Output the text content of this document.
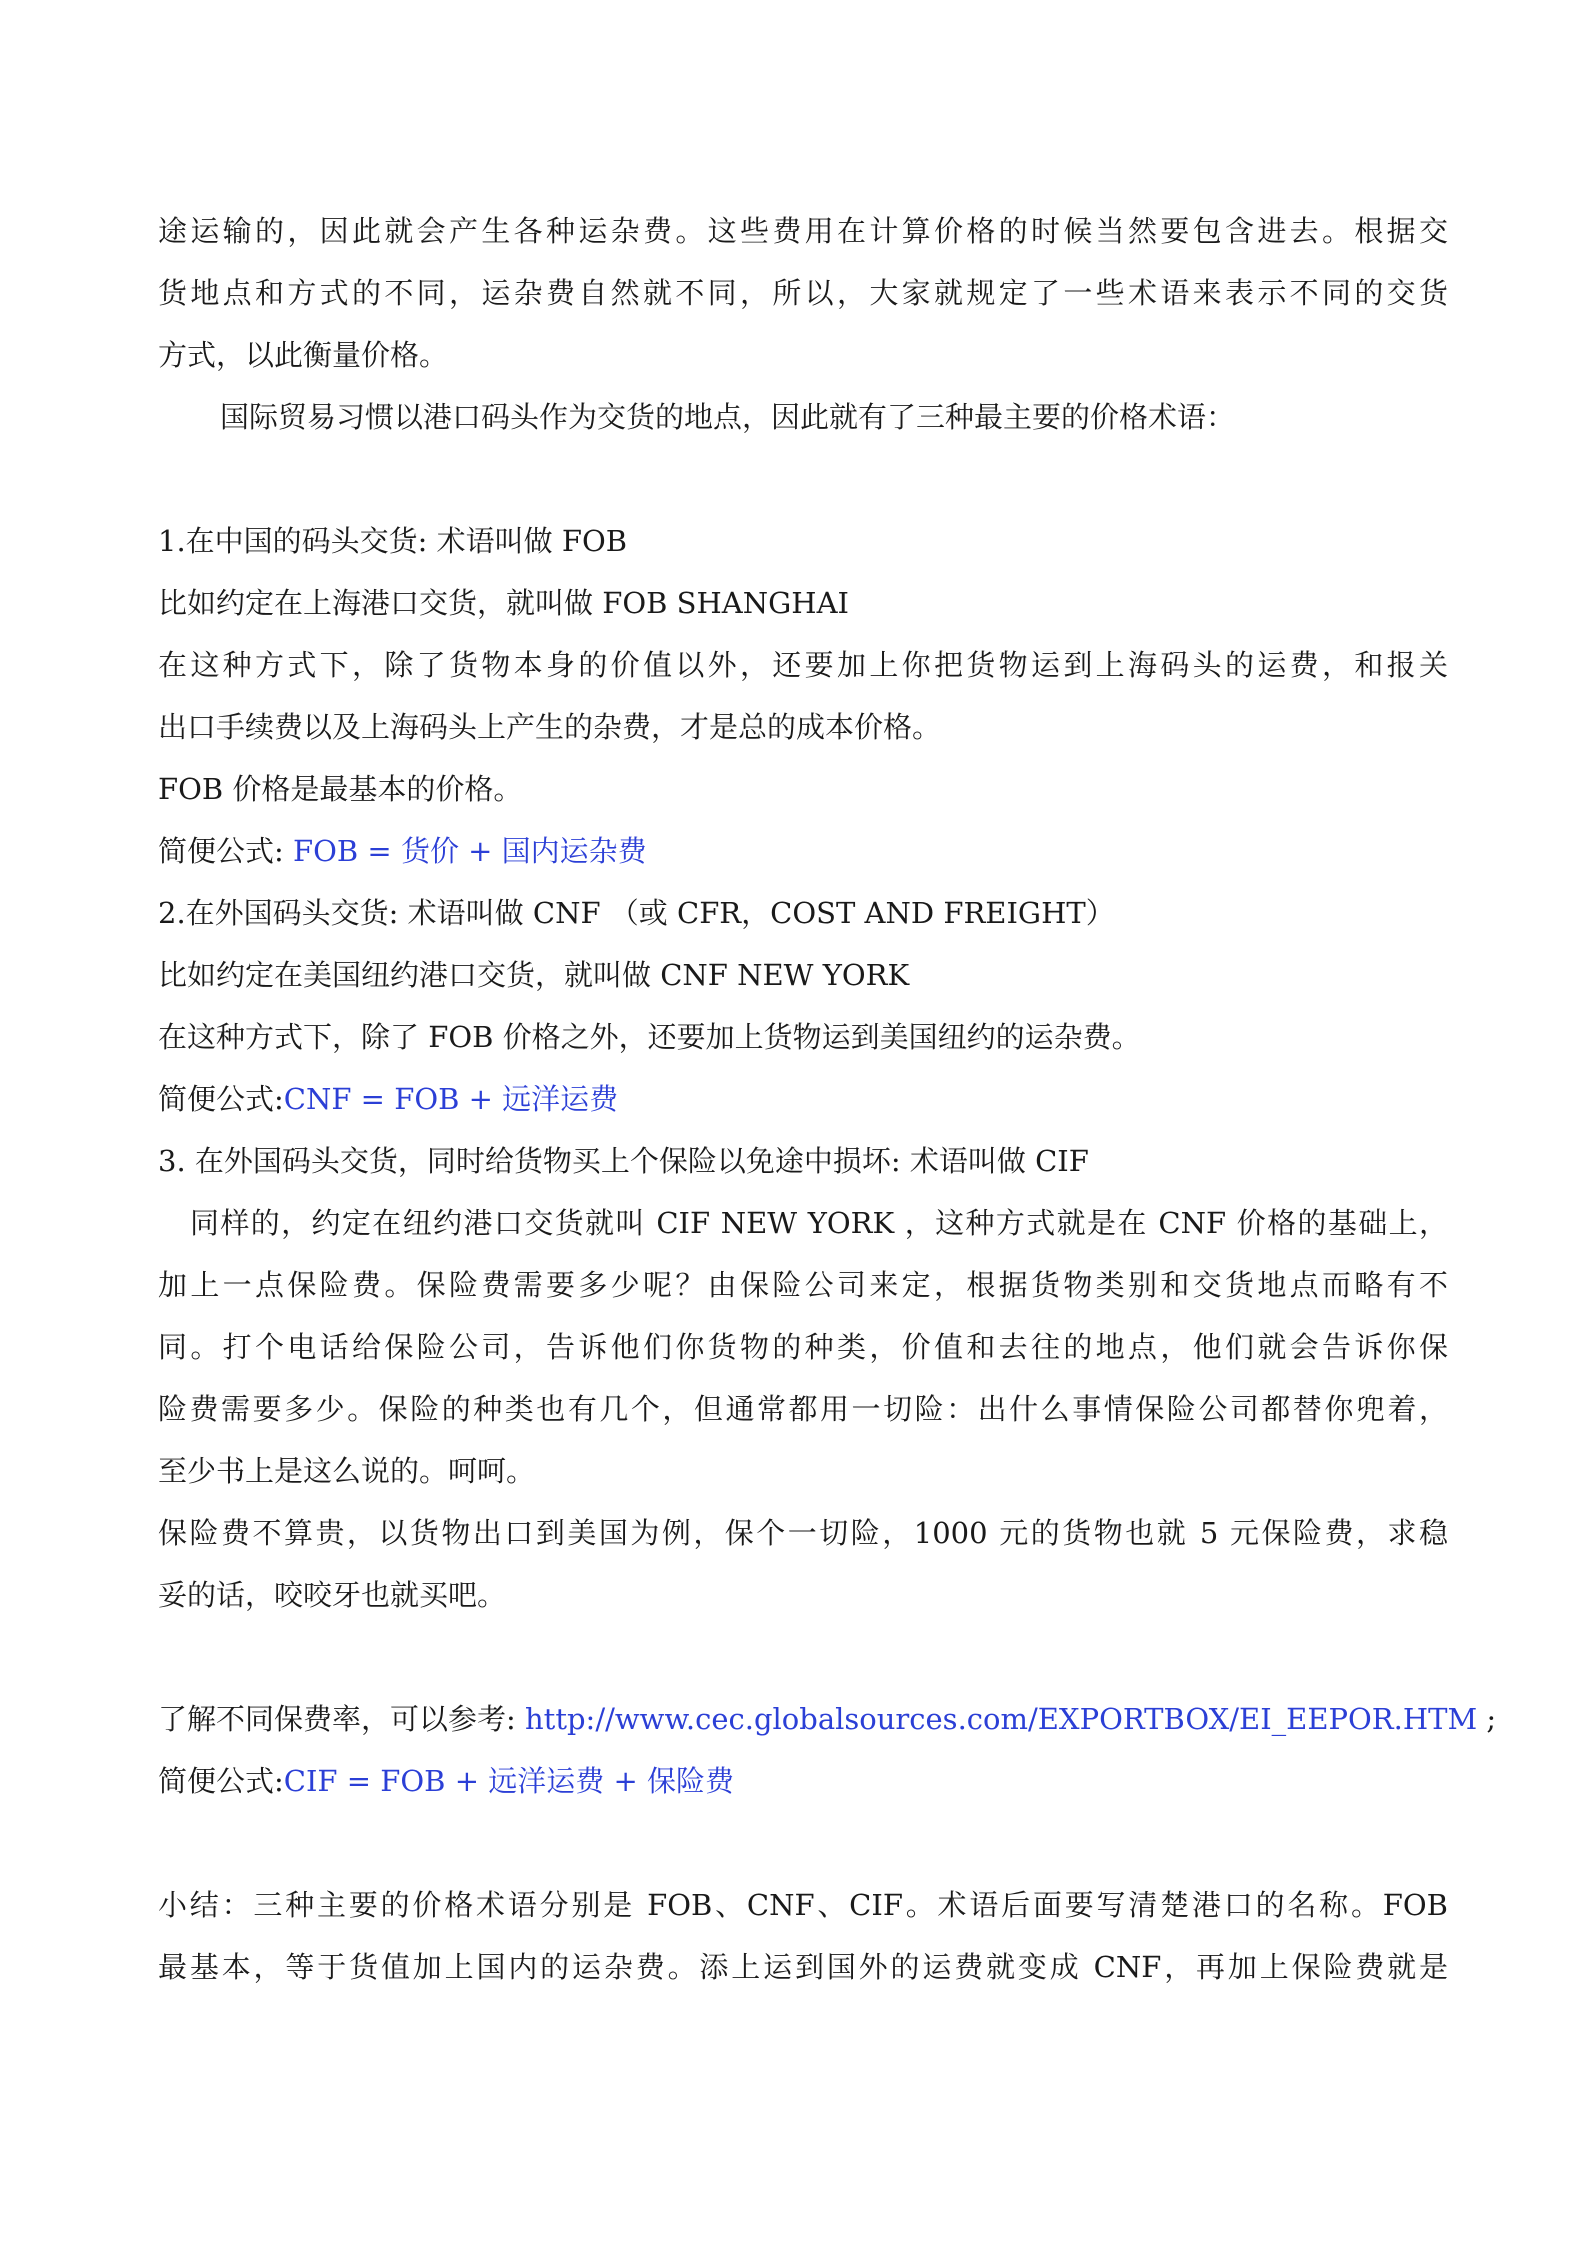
途运输的，因此就会产生各种运杂费。这些费用在计算价格的时候当然要包含进去。根据交
货地点和方式的不同，运杂费自然就不同，所以，大家就规定了一些术语来表示不同的交货
方式，以此衡量价格。
国际贸易习惯以港口码头作为交货的地点，因此就有了三种最主要的价格术语：
1.在中国的码头交货: 术语叫做 FOB
比如约定在上海港口交货，就叫做 FOB SHANGHAI
在这种方式下，除了货物本身的价值以外，还要加上你把货物运到上海码头的运费，和报关
出口手续费以及上海码头上产生的杂费，才是总的成本价格。
FOB 价格是最基本的价格。
简便公式: FOB = 货价 + 国内运杂费
2.在外国码头交货: 术语叫做 CNF （或 CFR，COST AND FREIGHT）
比如约定在美国纽约港口交货，就叫做 CNF NEW YORK
在这种方式下，除了 FOB 价格之外，还要加上货物运到美国纽约的运杂费。
简便公式:CNF = FOB + 远洋运费
3. 在外国码头交货，同时给货物买上个保险以免途中损坏: 术语叫做 CIF
同样的，约定在纽约港口交货就叫 CIF NEW YORK ，这种方式就是在 CNF 价格的基础上，
加上一点保险费。保险费需要多少呢？由保险公司来定，根据货物类别和交货地点而略有不
同。打个电话给保险公司，告诉他们你货物的种类，价值和去往的地点，他们就会告诉你保
险费需要多少。保险的种类也有几个，但通常都用一切险：出什么事情保险公司都替你兜着，
至少书上是这么说的。呵呵。
保险费不算贵，以货物出口到美国为例，保个一切险，1000 元的货物也就 5 元保险费，求稳
妥的话，咬咬牙也就买吧。
了解不同保费率，可以参考: http://www.cec.globalsources.com/EXPORTBOX/EI_EEPOR.HTM ;
简便公式:CIF = FOB + 远洋运费 + 保险费
小结：三种主要的价格术语分别是 FOB、CNF、CIF。术语后面要写清楚港口的名称。FOB
最基本，等于货值加上国内的运杂费。添上运到国外的运费就变成 CNF，再加上保险费就是
